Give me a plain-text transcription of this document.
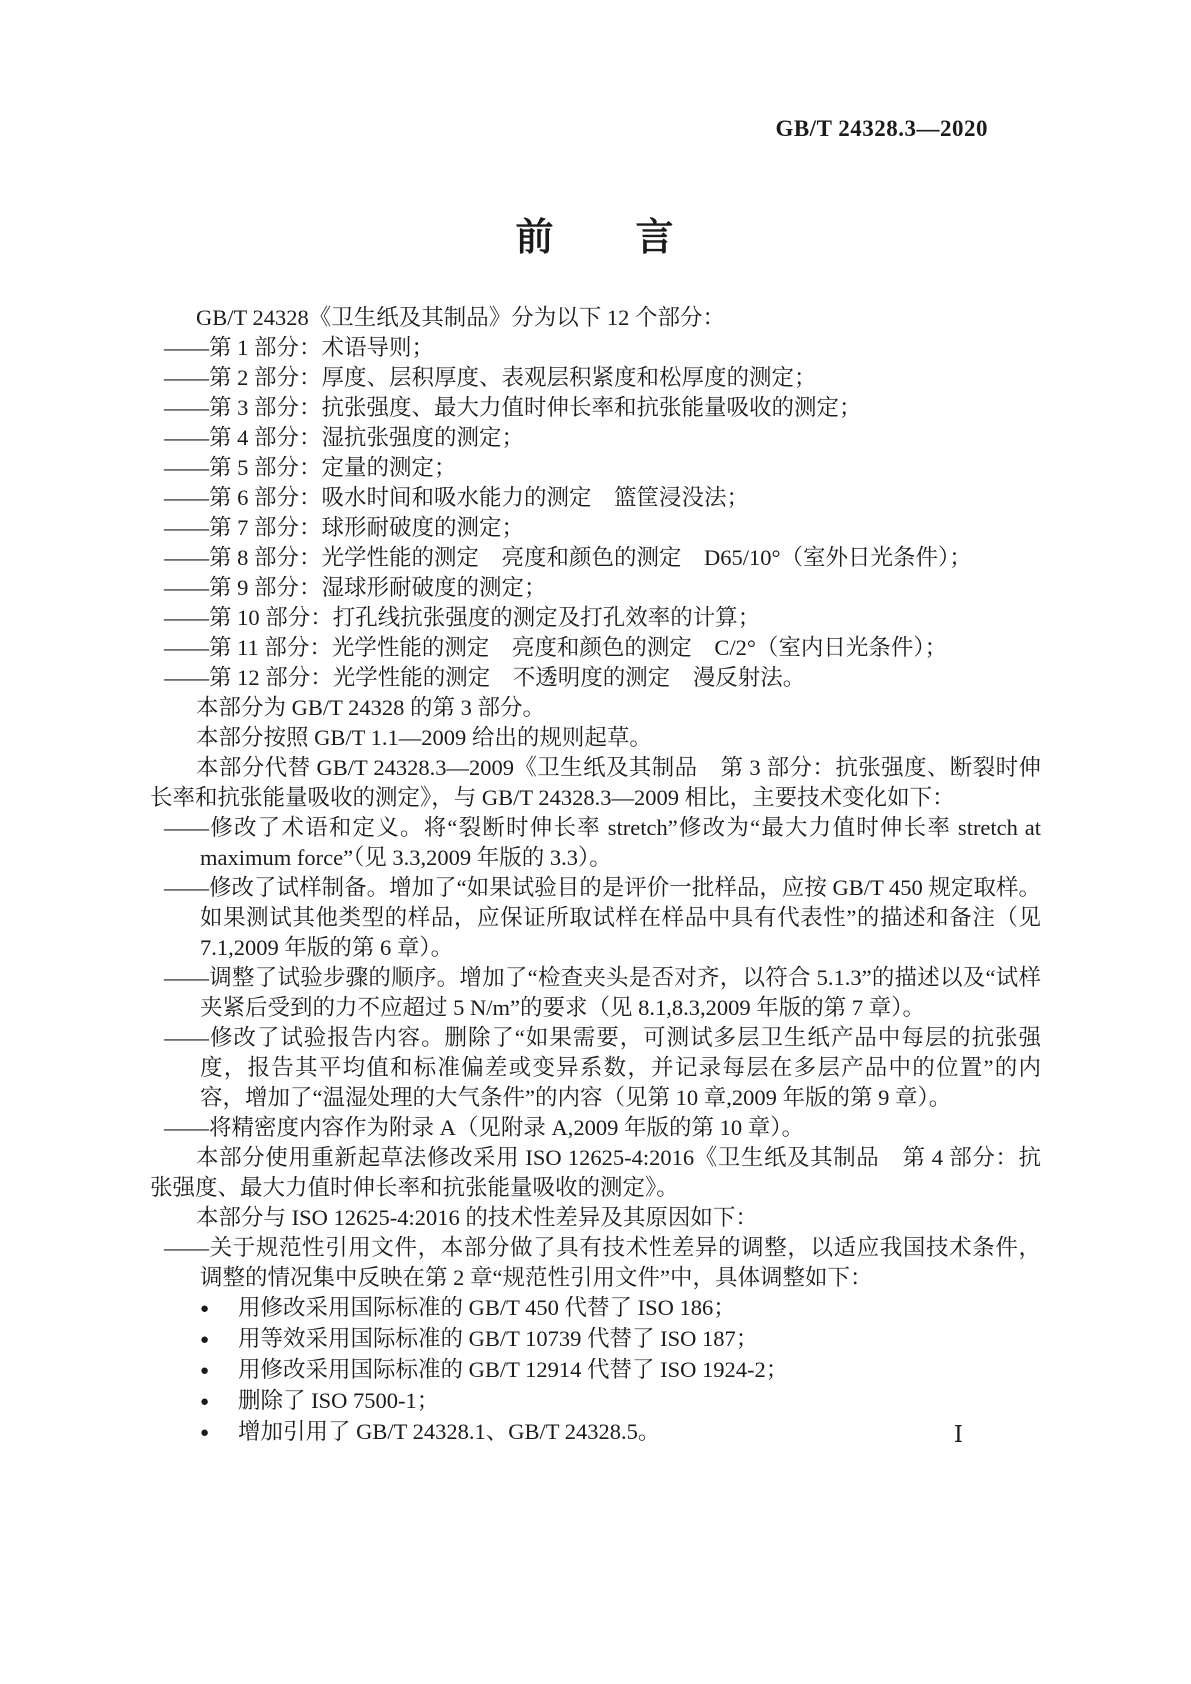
GB/T 24328.3—2020
前　　言
GB/T 24328《卫生纸及其制品》分为以下 12 个部分：
——第 1 部分：术语导则；
——第 2 部分：厚度、层积厚度、表观层积紧度和松厚度的测定；
——第 3 部分：抗张强度、最大力值时伸长率和抗张能量吸收的测定；
——第 4 部分：湿抗张强度的测定；
——第 5 部分：定量的测定；
——第 6 部分：吸水时间和吸水能力的测定　篮筐浸没法；
——第 7 部分：球形耐破度的测定；
——第 8 部分：光学性能的测定　亮度和颜色的测定　D65/10°（室外日光条件）；
——第 9 部分：湿球形耐破度的测定；
——第 10 部分：打孔线抗张强度的测定及打孔效率的计算；
——第 11 部分：光学性能的测定　亮度和颜色的测定　C/2°（室内日光条件）；
——第 12 部分：光学性能的测定　不透明度的测定　漫反射法。
本部分为 GB/T 24328 的第 3 部分。
本部分按照 GB/T 1.1—2009 给出的规则起草。
本部分代替 GB/T 24328.3—2009《卫生纸及其制品　第 3 部分：抗张强度、断裂时伸长率和抗张能量吸收的测定》，与 GB/T 24328.3—2009 相比，主要技术变化如下：
——修改了术语和定义。将“裂断时伸长率 stretch”修改为“最大力值时伸长率 stretch at maximum force”（见 3.3,2009 年版的 3.3）。
——修改了试样制备。增加了“如果试验目的是评价一批样品，应按 GB/T 450 规定取样。如果测试其他类型的样品，应保证所取试样在样品中具有代表性”的描述和备注（见 7.1,2009 年版的第 6 章）。
——调整了试验步骤的顺序。增加了“检查夹头是否对齐，以符合 5.1.3”的描述以及“试样夹紧后受到的力不应超过 5 N/m”的要求（见 8.1,8.3,2009 年版的第 7 章）。
——修改了试验报告内容。删除了“如果需要，可测试多层卫生纸产品中每层的抗张强度，报告其平均值和标准偏差或变异系数，并记录每层在多层产品中的位置”的内容，增加了“温湿处理的大气条件”的内容（见第 10 章,2009 年版的第 9 章）。
——将精密度内容作为附录 A（见附录 A,2009 年版的第 10 章）。
本部分使用重新起草法修改采用 ISO 12625-4:2016《卫生纸及其制品　第 4 部分：抗张强度、最大力值时伸长率和抗张能量吸收的测定》。
本部分与 ISO 12625-4:2016 的技术性差异及其原因如下：
——关于规范性引用文件，本部分做了具有技术性差异的调整，以适应我国技术条件，调整的情况集中反映在第 2 章“规范性引用文件”中，具体调整如下：
● 用修改采用国际标准的 GB/T 450 代替了 ISO 186；
● 用等效采用国际标准的 GB/T 10739 代替了 ISO 187；
● 用修改采用国际标准的 GB/T 12914 代替了 ISO 1924-2；
● 删除了 ISO 7500-1；
● 增加引用了 GB/T 24328.1、GB/T 24328.5。	Ⅰ
